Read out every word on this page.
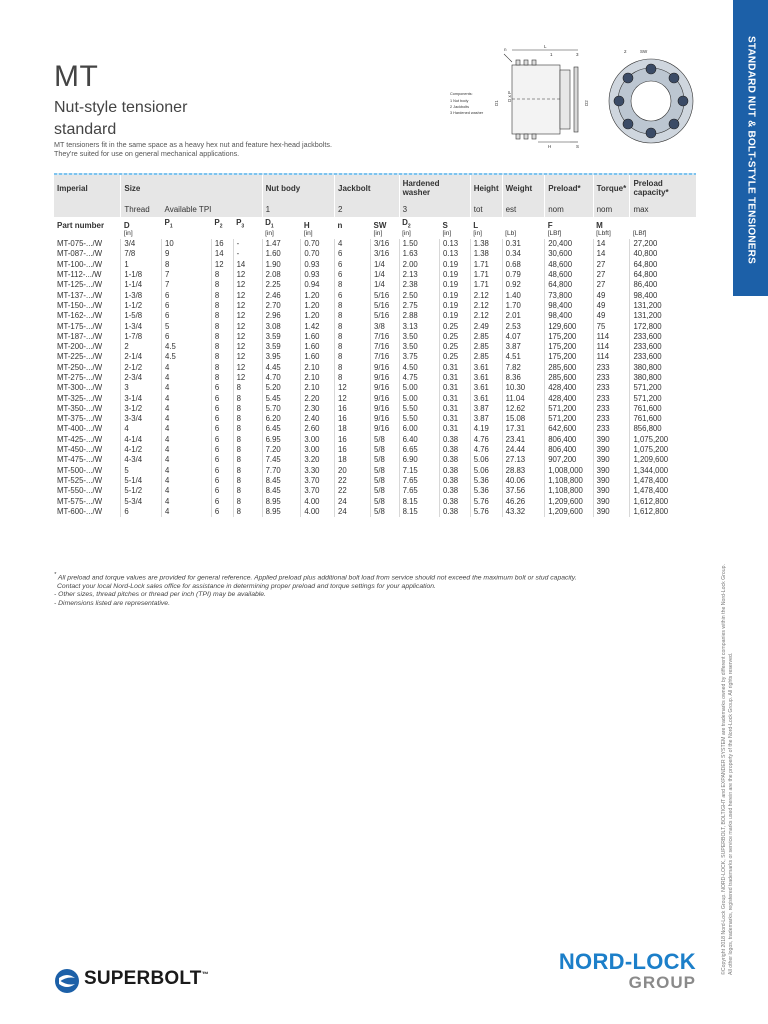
MT
Nut-style tensioner
standard
MT tensioners fit in the same space as a heavy hex nut and feature hex-head jackbolts.
They're suited for use on general mechanical applications.
L
n
1	3
D1
D x P
D2
H	S
2	SW
Components:
1 Nut body
2 Jackbolts
3 Hardened washer	STANDARD NUT & BOLT-STYLE TENSIONERS
©Copyright 2018 Nord-Lock Group. NORD-LOCK, SUPERBOLT, BOLTIGHT and EXPANDER SYSTEM are trademarks owned by different companies within the Nord-Lock Group. All other logos, trademarks, registered trademarks or service marks used herein are the property of the Nord-Lock Group. All rights reserved.
Imperial	Size				Nut body		Jackbolt		Hardened washer		Height	Weight	Preload*	Torque*	Preload capacity*
	Thread	Available TPI			1		2		3		tot	est	nom	nom	max
Part number	D	$P_1$	$P_2$	$P_3$	$D_1$	H	n	SW	$D_2$	S	L		F	M	
	[in]				[in]	[in]		[in]	[in]	[in]	[in]	[Lb]	[LBf]	[Lbft]	[LBf]
MT-075-.../W	3/4	10	16	-	1.47	0.70	4	3/16	1.50	0.13	1.38	0.31	20,400	14	27,200
MT-087-.../W	7/8	9	14	-	1.60	0.70	6	3/16	1.63	0.13	1.38	0.34	30,600	14	40,800
MT-100-.../W	1	8	12	14	1.90	0.93	6	1/4	2.00	0.19	1.71	0.68	48,600	27	64,800
MT-112-.../W	1-1/8	7	8	12	2.08	0.93	6	1/4	2.13	0.19	1.71	0.79	48,600	27	64,800
MT-125-.../W	1-1/4	7	8	12	2.25	0.94	8	1/4	2.38	0.19	1.71	0.92	64,800	27	86,400
MT-137-.../W	1-3/8	6	8	12	2.46	1.20	6	5/16	2.50	0.19	2.12	1.40	73,800	49	98,400
MT-150-.../W	1-1/2	6	8	12	2.70	1.20	8	5/16	2.75	0.19	2.12	1.70	98,400	49	131,200
MT-162-.../W	1-5/8	6	8	12	2.96	1.20	8	5/16	2.88	0.19	2.12	2.01	98,400	49	131,200
MT-175-.../W	1-3/4	5	8	12	3.08	1.42	8	3/8	3.13	0.25	2.49	2.53	129,600	75	172,800
MT-187-.../W	1-7/8	6	8	12	3.59	1.60	8	7/16	3.50	0.25	2.85	4.07	175,200	114	233,600
MT-200-.../W	2	4.5	8	12	3.59	1.60	8	7/16	3.50	0.25	2.85	3.87	175,200	114	233,600
MT-225-.../W	2-1/4	4.5	8	12	3.95	1.60	8	7/16	3.75	0.25	2.85	4.51	175,200	114	233,600
MT-250-.../W	2-1/2	4	8	12	4.45	2.10	8	9/16	4.50	0.31	3.61	7.82	285,600	233	380,800
MT-275-.../W	2-3/4	4	8	12	4.70	2.10	8	9/16	4.75	0.31	3.61	8.36	285,600	233	380,800
MT-300-.../W	3	4	6	8	5.20	2.10	12	9/16	5.00	0.31	3.61	10.30	428,400	233	571,200
MT-325-.../W	3-1/4	4	6	8	5.45	2.20	12	9/16	5.00	0.31	3.61	11.04	428,400	233	571,200
MT-350-.../W	3-1/2	4	6	8	5.70	2.30	16	9/16	5.50	0.31	3.87	12.62	571,200	233	761,600
MT-375-.../W	3-3/4	4	6	8	6.20	2.40	16	9/16	5.50	0.31	3.87	15.08	571,200	233	761,600
MT-400-.../W	4	4	6	8	6.45	2.60	18	9/16	6.00	0.31	4.19	17.31	642,600	233	856,800
MT-425-.../W	4-1/4	4	6	8	6.95	3.00	16	5/8	6.40	0.38	4.76	23.41	806,400	390	1,075,200
MT-450-.../W	4-1/2	4	6	8	7.20	3.00	16	5/8	6.65	0.38	4.76	24.44	806,400	390	1,075,200
MT-475-.../W	4-3/4	4	6	8	7.45	3.20	18	5/8	6.90	0.38	5.06	27.13	907,200	390	1,209,600
MT-500-.../W	5	4	6	8	7.70	3.30	20	5/8	7.15	0.38	5.06	28.83	1,008,000	390	1,344,000
MT-525-.../W	5-1/4	4	6	8	8.45	3.70	22	5/8	7.65	0.38	5.36	40.06	1,108,800	390	1,478,400
MT-550-.../W	5-1/2	4	6	8	8.45	3.70	22	5/8	7.65	0.38	5.36	37.56	1,108,800	390	1,478,400
MT-575-.../W	5-3/4	4	6	8	8.95	4.00	24	5/8	8.15	0.38	5.76	46.26	1,209,600	390	1,612,800
MT-600-.../W	6	4	6	8	8.95	4.00	24	5/8	8.15	0.38	5.76	43.32	1,209,600	390	1,612,800
* All preload and torque values are provided for general reference. Applied preload plus additional bolt load from service should not exceed the maximum bolt or stud capacity.
Contact your local Nord-Lock sales office for assistance in determining proper preload and torque settings for your application.
- Other sizes, thread pitches or thread per inch (TPI) may be available.
- Dimensions listed are representative.
SUPERBOLT™
NORD-LOCK
GROUP
